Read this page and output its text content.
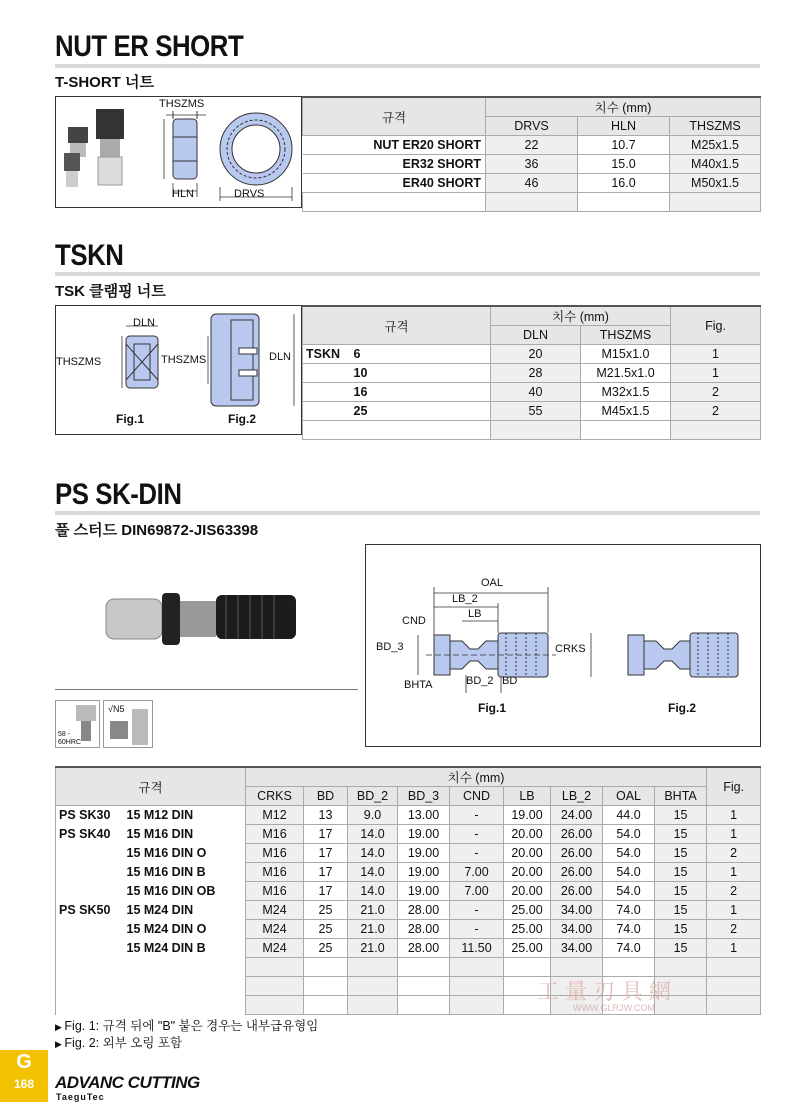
NUT ER SHORT
T-SHORT 너트
THSZMS
HLN	DRVS
규격	치수 (mm)		
	DRVS	HLN	THSZMS
NUT ER20 SHORT	22	10.7	M25x1.5
ER32 SHORT	36	15.0	M40x1.5
ER40 SHORT	46	16.0	M50x1.5

TSKN
TSK 클램핑 너트
DLN
THSZMS	THSZMS	DLN
Fig.1	Fig.2
규격		치수 (mm)		Fig.
		DLN	THSZMS	
TSKN	6	20	M15x1.0	1
	10	28	M21.5x1.0	1
	16	40	M32x1.5	2
	25	55	M45x1.5	2

PS SK-DIN
풀 스터드 DIN69872-JIS63398
58 - 60HRC
√N5
OAL
LB_2
LB
CND
BD_3	CRKS
BHTA	BD_2 BD
Fig.1	Fig.2
규격		치수 (mm)									Fig.
		CRKS	BD	BD_2	BD_3	CND	LB	LB_2	OAL	BHTA	
PS SK30	15 M12 DIN	M12	13	9.0	13.00	-	19.00	24.00	44.0	15	1
PS SK40	15 M16 DIN	M16	17	14.0	19.00	-	20.00	26.00	54.0	15	1
	15 M16 DIN O	M16	17	14.0	19.00	-	20.00	26.00	54.0	15	2
	15 M16 DIN B	M16	17	14.0	19.00	7.00	20.00	26.00	54.0	15	1
	15 M16 DIN OB	M16	17	14.0	19.00	7.00	20.00	26.00	54.0	15	2
PS SK50	15 M24 DIN	M24	25	21.0	28.00	-	25.00	34.00	74.0	15	1
	15 M24 DIN O	M24	25	21.0	28.00	-	25.00	34.00	74.0	15	2
	15 M24 DIN B	M24	25	21.0	28.00	11.50	25.00	34.00	74.0	15	1

▶ Fig. 1: 규격 뒤에 "B" 붙은 경우는 내부급유형임
▶ Fig. 2: 외부 오링 포함
G
168	ADVANC CUTTING
TaeguTec
工量刃具網
WWW.GLRJW.COM
